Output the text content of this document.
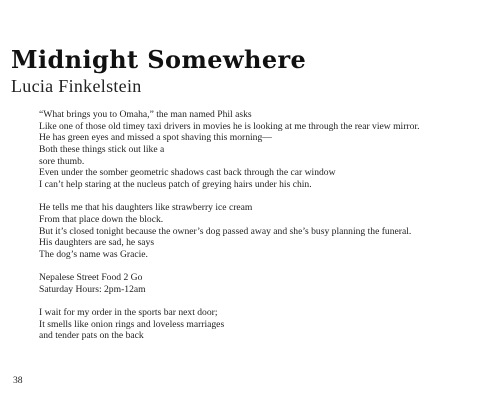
Midnight Somewhere
Lucia Finkelstein
“What brings you to Omaha,” the man named Phil asks
Like one of those old timey taxi drivers in movies he is looking at me through the rear view mirror.
He has green eyes and missed a spot shaving this morning—
Both these things stick out like a
sore thumb.
Even under the somber geometric shadows cast back through the car window
I can’t help staring at the nucleus patch of greying hairs under his chin.
He tells me that his daughters like strawberry ice cream
From that place down the block.
But it’s closed tonight because the owner’s dog passed away and she’s busy planning the funeral.
His daughters are sad, he says
The dog’s name was Gracie.
Nepalese Street Food 2 Go
Saturday Hours: 2pm-12am
I wait for my order in the sports bar next door;
It smells like onion rings and loveless marriages
and tender pats on the back
38
